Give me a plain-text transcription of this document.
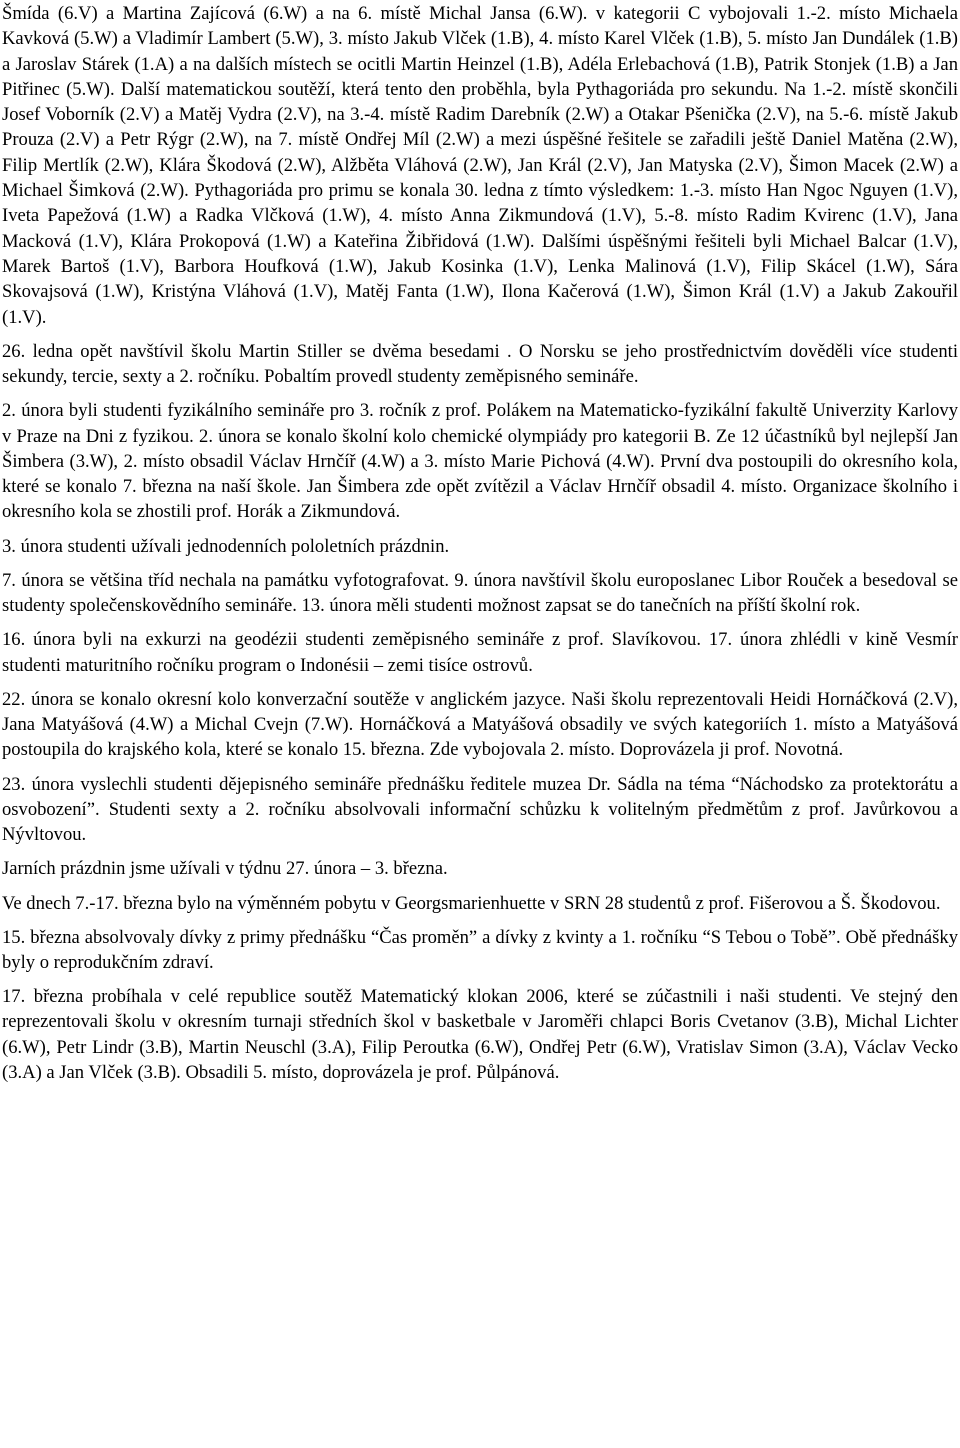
Šmída (6.V) a Martina Zajícová (6.W) a na 6. místě Michal Jansa (6.W). v kategorii C vybojovali 1.-2. místo Michaela Kavková (5.W) a Vladimír Lambert (5.W), 3. místo Jakub Vlček (1.B), 4. místo Karel Vlček (1.B), 5. místo Jan Dundálek (1.B) a Jaroslav Stárek (1.A) a na dalších místech se ocitli Martin Heinzel (1.B), Adéla Erlebachová (1.B), Patrik Stonjek (1.B) a Jan Pitřinec (5.W). Další matematickou soutěží, která tento den proběhla, byla Pythagoriáda pro sekundu. Na 1.-2. místě skončili Josef Voborník (2.V) a Matěj Vydra (2.V), na 3.-4. místě Radim Darebník (2.W) a Otakar Pšenička (2.V), na 5.-6. místě Jakub Prouza (2.V) a Petr Rýgr (2.W), na 7. místě Ondřej Míl (2.W) a mezi úspěšné řešitele se zařadili ještě Daniel Matěna (2.W), Filip Mertlík (2.W), Klára Škodová (2.W), Alžběta Vláhová (2.W), Jan Král (2.V), Jan Matyska (2.V), Šimon Macek (2.W) a Michael Šimková (2.W). Pythagoriáda pro primu se konala 30. ledna z tímto výsledkem: 1.-3. místo Han Ngoc Nguyen (1.V), Iveta Papežová (1.W) a Radka Vlčková (1.W), 4. místo Anna Zikmundová (1.V), 5.-8. místo Radim Kvirenc (1.V), Jana Macková (1.V), Klára Prokopová (1.W) a Kateřina Žibřidová (1.W). Dalšími úspěšnými řešiteli byli Michael Balcar (1.V), Marek Bartoš (1.V), Barbora Houfková (1.W), Jakub Kosinka (1.V), Lenka Malinová (1.V), Filip Skácel (1.W), Sára Skovajsová (1.W), Kristýna Vláhová (1.V), Matěj Fanta (1.W), Ilona Kačerová (1.W), Šimon Král (1.V) a Jakub Zakouřil (1.V).

26. ledna opět navštívil školu Martin Stiller se dvěma besedami . O Norsku se jeho prostřednictvím dověděli více studenti sekundy, tercie, sexty a 2. ročníku. Pobaltím provedl studenty zeměpisného semináře.

2. února byli studenti fyzikálního semináře pro 3. ročník z prof. Polákem na Matematicko-fyzikální fakultě Univerzity Karlovy v Praze na Dni z fyzikou. 2. února se konalo školní kolo chemické olympiády pro kategorii B. Ze 12 účastníků byl nejlepší Jan Šimbera (3.W), 2. místo obsadil Václav Hrnčíř (4.W) a 3. místo Marie Pichová (4.W). První dva postoupili do okresního kola, které se konalo 7. března na naší škole. Jan Šimbera zde opět zvítězil a Václav Hrnčíř obsadil 4. místo. Organizace školního i okresního kola se zhostili prof. Horák a Zikmundová.

3. února studenti užívali jednodenních pololetních prázdnin.

7. února se většina tříd nechala na památku vyfotografovat. 9. února navštívil školu europoslanec Libor Rouček a besedoval se studenty společenskovědního semináře. 13. února měli studenti možnost zapsat se do tanečních na příští školní rok.

16. února byli na exkurzi na geodézii studenti zeměpisného semináře z prof. Slavíkovou. 17. února zhlédli v kině Vesmír studenti maturitního ročníku program o Indonésii – zemi tisíce ostrovů.

22. února se konalo okresní kolo konverzační soutěže v anglickém jazyce. Naši školu reprezentovali Heidi Hornáčková (2.V), Jana Matyášová (4.W) a Michal Cvejn (7.W). Hornáčková a Matyášová obsadily ve svých kategoriích 1. místo a Matyášová postoupila do krajského kola, které se konalo 15. března. Zde vybojovala 2. místo. Doprovázela ji prof. Novotná.

23. února vyslechli studenti dějepisného semináře přednášku ředitele muzea Dr. Sádla na téma “Náchodsko za protektorátu a osvobození”. Studenti sexty a 2. ročníku absolvovali informační schůzku k volitelným předmětům z prof. Javůrkovou a Nývltovou.

Jarních prázdnin jsme užívali v týdnu 27. února – 3. března.

Ve dnech 7.-17. března bylo na výměnném pobytu v Georgsmarienhuette v SRN 28 studentů z prof. Fišerovou a Š. Škodovou.

15. března absolvovaly dívky z primy přednášku “Čas proměn” a dívky z kvinty a 1. ročníku “S Tebou o Tobě”. Obě přednášky byly o reprodukčním zdraví.

17. března probíhala v celé republice soutěž Matematický klokan 2006, které se zúčastnili i naši studenti. Ve stejný den reprezentovali školu v okresním turnaji středních škol v basketbale v Jaroměři chlapci Boris Cvetanov (3.B), Michal Lichter (6.W), Petr Lindr (3.B), Martin Neuschl (3.A), Filip Peroutka (6.W), Ondřej Petr (6.W), Vratislav Simon (3.A), Václav Vecko (3.A) a Jan Vlček (3.B). Obsadili 5. místo, doprovázela je prof. Půlpánová.
